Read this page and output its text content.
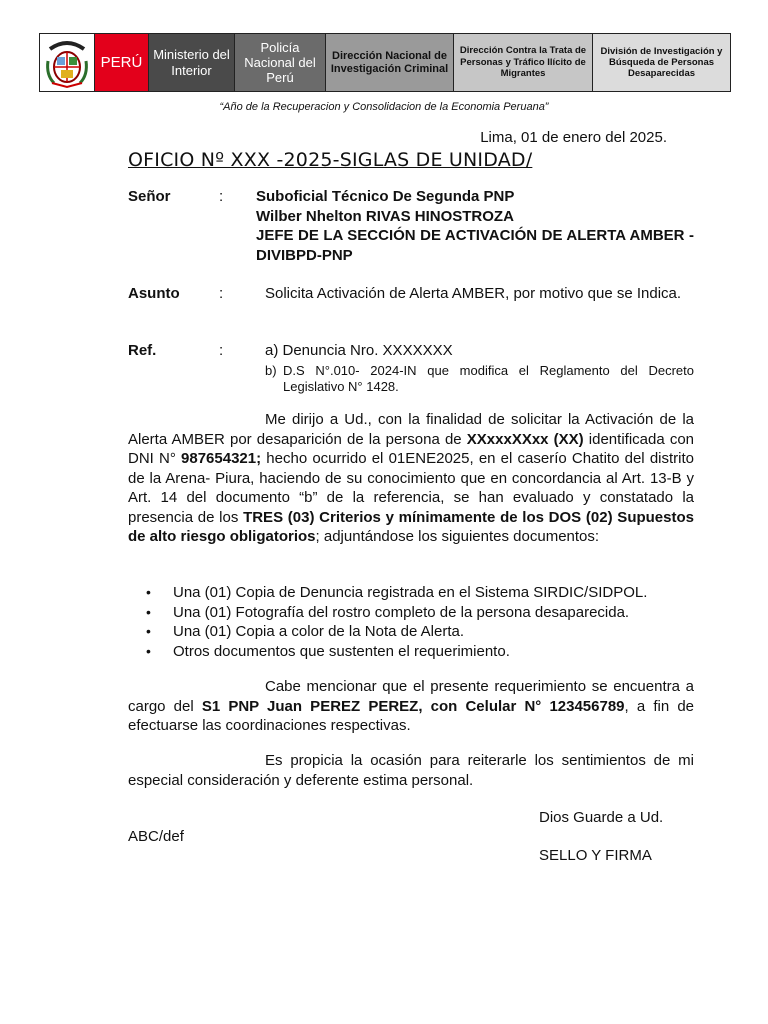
PERÚ Ministerio del Interior
Policía Nacional del Perú
Dirección Nacional de Investigación Criminal
Dirección Contra la Trata de Personas y Tráfico Ilícito de Migrantes
División de Investigación y Búsqueda de Personas Desaparecidas
“Año de la Recuperacion y Consolidacion de la Economia Peruana”
Lima, 01 de enero del 2025.
OFICIO Nº XXX -2025-SIGLAS DE UNIDAD/
Señor	: Suboficial Técnico De Segunda PNP
Wilber Nhelton RIVAS HINOSTROZA
JEFE DE LA SECCIÓN DE ACTIVACIÓN DE ALERTA AMBER - DIVIBPD-PNP
Asunto	:	Solicita Activación de Alerta AMBER, por motivo que se Indica.
Ref.	:	a) Denuncia Nro. XXXXXXX
b) D.S N°.010- 2024-IN que modifica el Reglamento del Decreto Legislativo N° 1428.
Me dirijo a Ud., con la finalidad de solicitar la Activación de la Alerta AMBER por desaparición de la persona de XXxxxXXxx (XX) identificada con DNI N° 987654321; hecho ocurrido el 01ENE2025, en el caserío Chatito del distrito de la Arena- Piura, haciendo de su conocimiento que en concordancia al Art. 13-B y Art. 14 del documento “b” de la referencia, se han evaluado y constatado la presencia de los TRES (03) Criterios y mínimamente de los DOS (02) Supuestos de alto riesgo obligatorios; adjuntándose los siguientes documentos:
• Una (01) Copia de Denuncia registrada en el Sistema SIRDIC/SIDPOL.
• Una (01) Fotografía del rostro completo de la persona desaparecida.
• Una (01) Copia a color de la Nota de Alerta.
• Otros documentos que sustenten el requerimiento.
Cabe mencionar que el presente requerimiento se encuentra a cargo del S1 PNP Juan PEREZ PEREZ, con Celular N° 123456789, a fin de efectuarse las coordinaciones respectivas.
Es propicia la ocasión para reiterarle los sentimientos de mi especial consideración y deferente estima personal.
Dios Guarde a Ud.
ABC/def
SELLO Y FIRMA
